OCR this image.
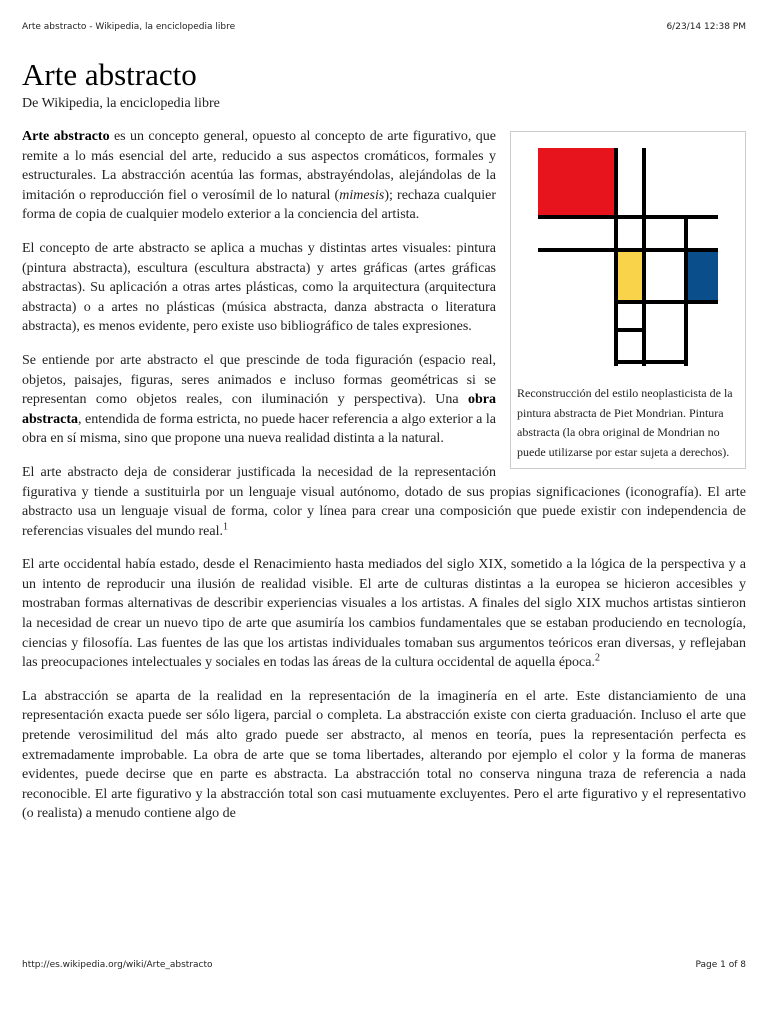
Arte abstracto - Wikipedia, la enciclopedia libre	6/23/14 12:38 PM
Arte abstracto
De Wikipedia, la enciclopedia libre
Reconstrucción del estilo neoplasticista de la pintura abstracta de Piet Mondrian. Pintura abstracta (la obra original de Mondrian no puede utilizarse por estar sujeta a derechos).

Arte abstracto es un concepto general, opuesto al concepto de arte figurativo, que remite a lo más esencial del arte, reducido a sus aspectos cromáticos, formales y estructurales. La abstracción acentúa las formas, abstrayéndolas, alejándolas de la imitación o reproducción fiel o verosímil de lo natural (mimesis); rechaza cualquier forma de copia de cualquier modelo exterior a la conciencia del artista.

El concepto de arte abstracto se aplica a muchas y distintas artes visuales: pintura (pintura abstracta), escultura (escultura abstracta) y artes gráficas (artes gráficas abstractas). Su aplicación a otras artes plásticas, como la arquitectura (arquitectura abstracta) o a artes no plásticas (música abstracta, danza abstracta o literatura abstracta), es menos evidente, pero existe uso bibliográfico de tales expresiones.

Se entiende por arte abstracto el que prescinde de toda figuración (espacio real, objetos, paisajes, figuras, seres animados e incluso formas geométricas si se representan como objetos reales, con iluminación y perspectiva). Una obra abstracta, entendida de forma estricta, no puede hacer referencia a algo exterior a la obra en sí misma, sino que propone una nueva realidad distinta a la natural.

El arte abstracto deja de considerar justificada la necesidad de la representación figurativa y tiende a sustituirla por un lenguaje visual autónomo, dotado de sus propias significaciones (iconografía). El arte abstracto usa un lenguaje visual de forma, color y línea para crear una composición que puede existir con independencia de referencias visuales del mundo real.$^1$

El arte occidental había estado, desde el Renacimiento hasta mediados del siglo XIX, sometido a la lógica de la perspectiva y a un intento de reproducir una ilusión de realidad visible. El arte de culturas distintas a la europea se hicieron accesibles y mostraban formas alternativas de describir experiencias visuales a los artistas. A finales del siglo XIX muchos artistas sintieron la necesidad de crear un nuevo tipo de arte que asumiría los cambios fundamentales que se estaban produciendo en tecnología, ciencias y filosofía. Las fuentes de las que los artistas individuales tomaban sus argumentos teóricos eran diversas, y reflejaban las preocupaciones intelectuales y sociales en todas las áreas de la cultura occidental de aquella época.$^2$

La abstracción se aparta de la realidad en la representación de la imaginería en el arte. Este distanciamiento de una representación exacta puede ser sólo ligera, parcial o completa. La abstracción existe con cierta graduación. Incluso el arte que pretende verosimilitud del más alto grado puede ser abstracto, al menos en teoría, pues la representación perfecta es extremadamente improbable. La obra de arte que se toma libertades, alterando por ejemplo el color y la forma de maneras evidentes, puede decirse que en parte es abstracta. La abstracción total no conserva ninguna traza de referencia a nada reconocible. El arte figurativo y la abstracción total son casi mutuamente excluyentes. Pero el arte figurativo y el representativo (o realista) a menudo contiene algo de

http://es.wikipedia.org/wiki/Arte_abstracto	Page 1 of 8
